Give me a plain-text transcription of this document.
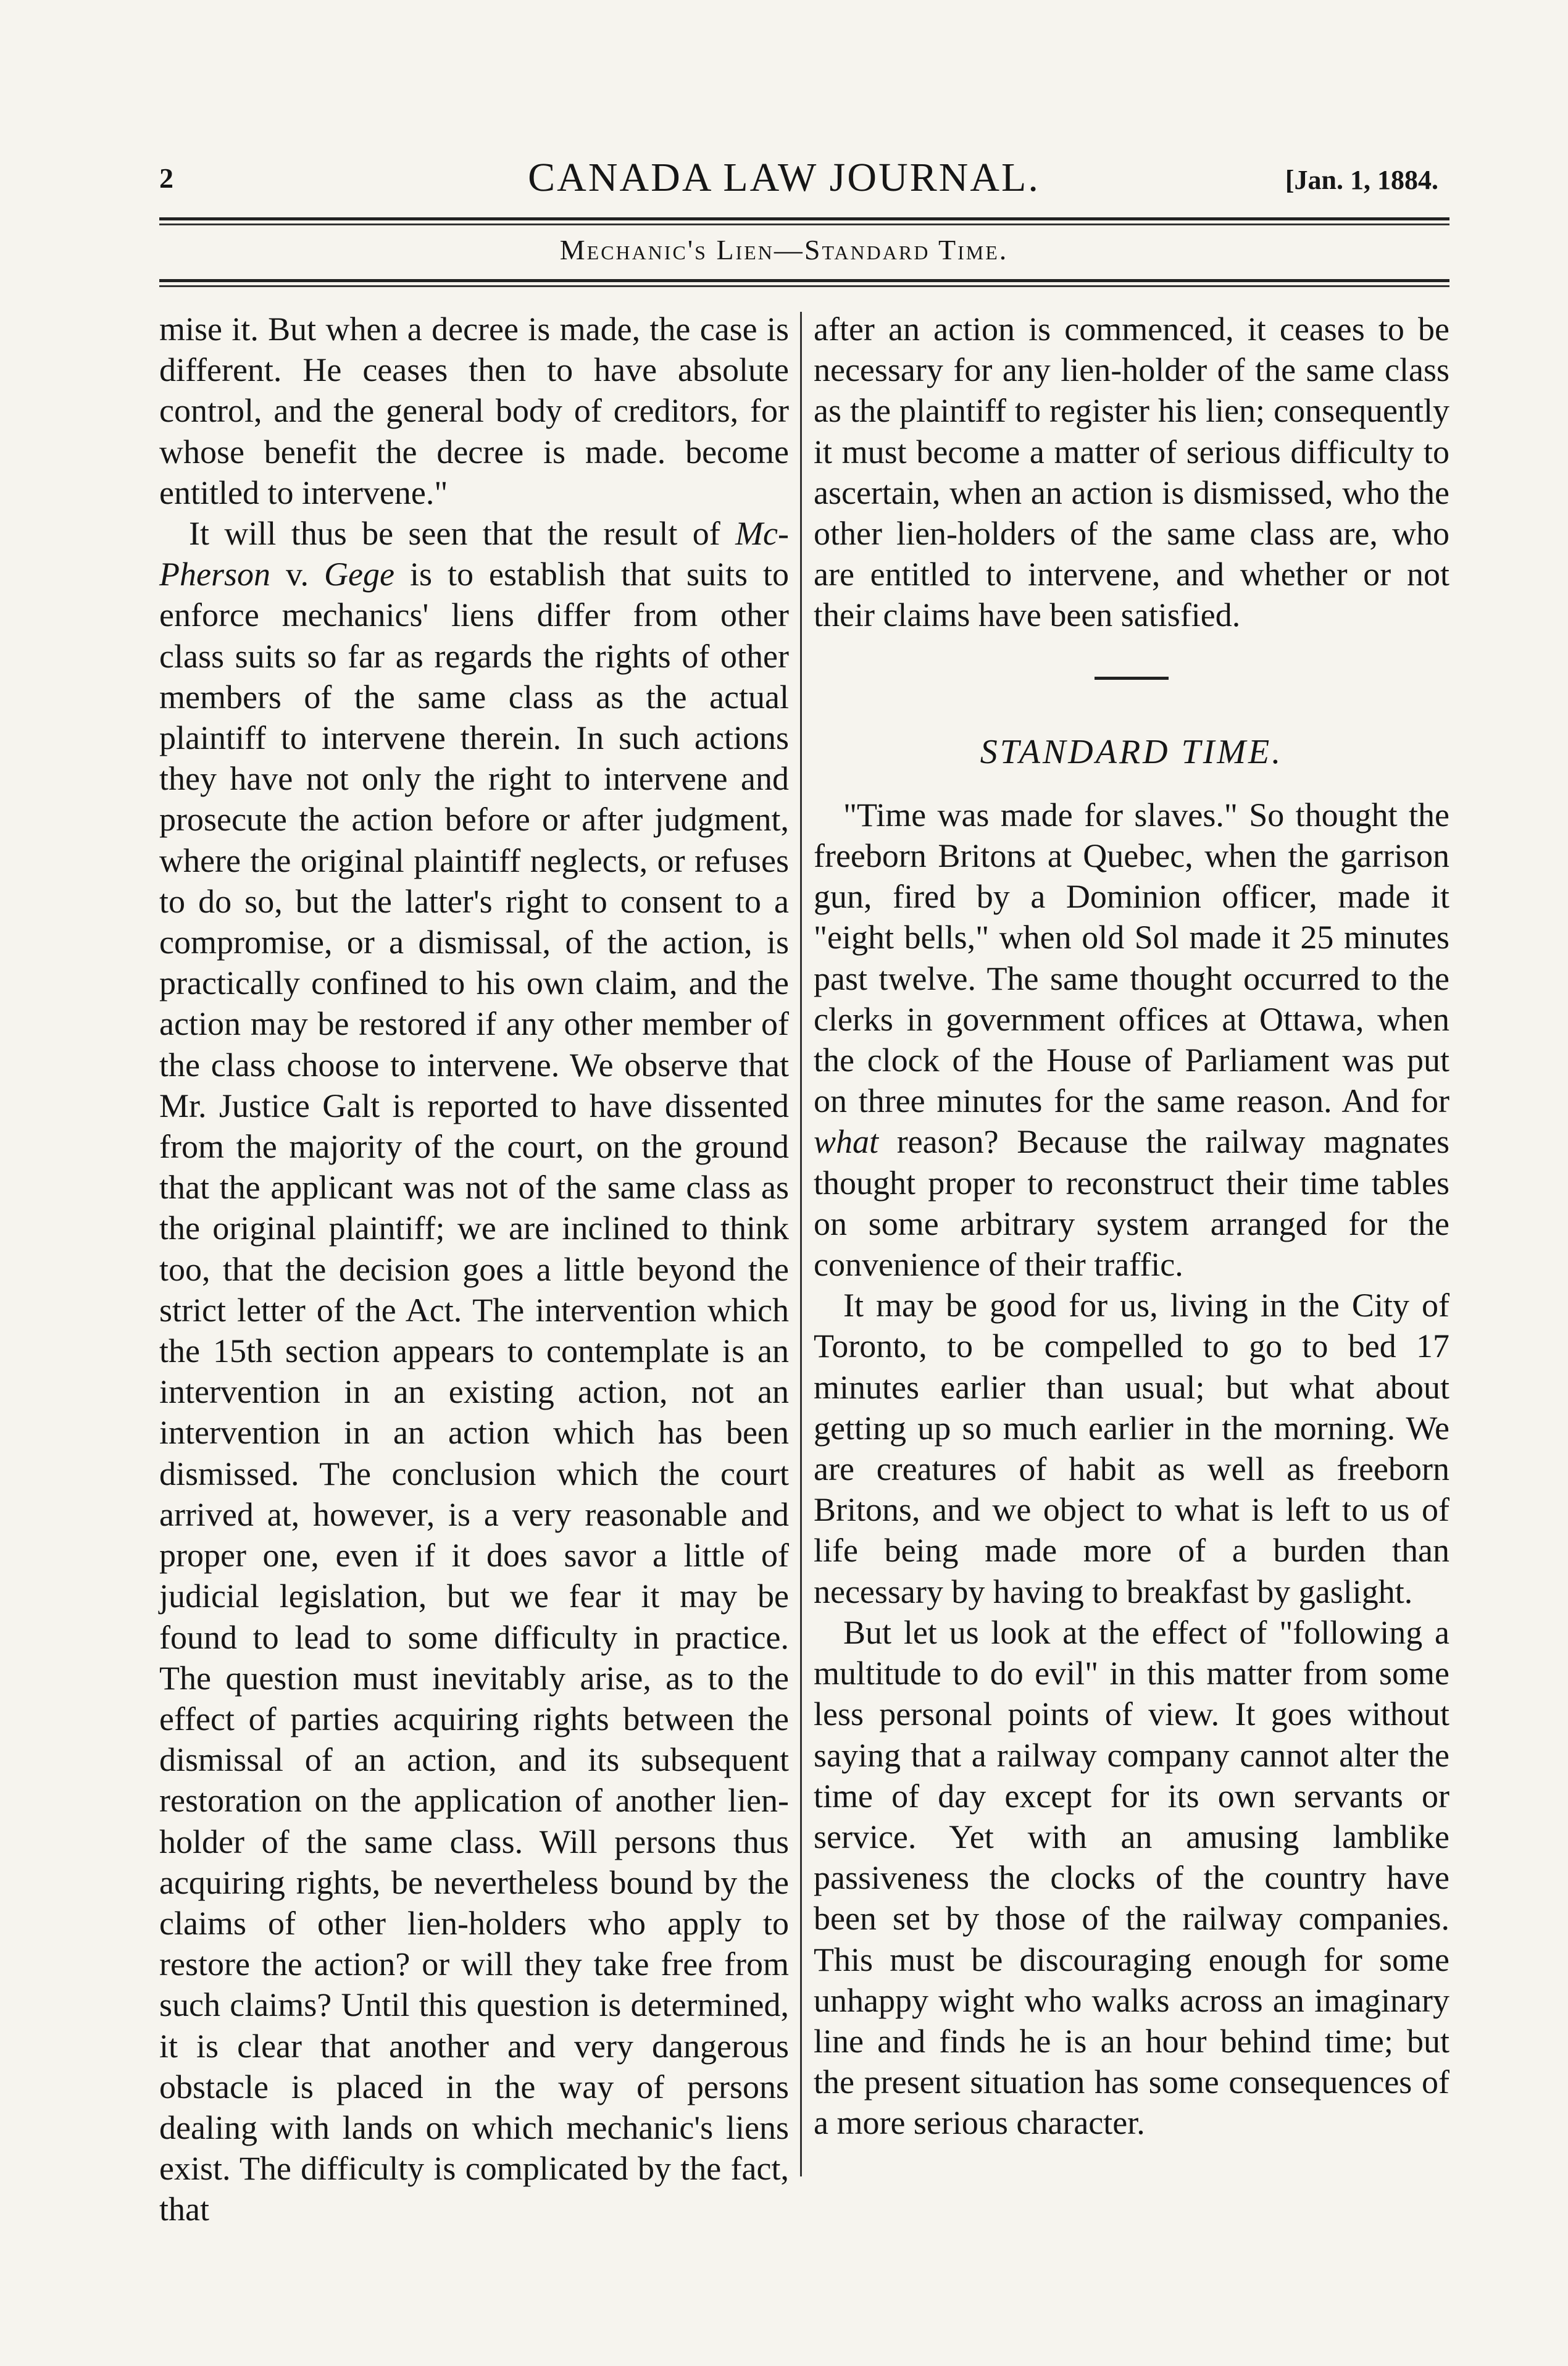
2	CANADA LAW JOURNAL.	[Jan. 1, 1884.
Mechanic's Lien—Standard Time.

mise it. But when a decree is made, the case is different. He ceases then to have absolute control, and the general body of creditors, for whose benefit the decree is made. become entitled to intervene."

It will thus be seen that the result of Mc-Pherson v. Gege is to establish that suits to enforce mechanics' liens differ from other class suits so far as regards the rights of other members of the same class as the actual plaintiff to intervene therein. In such actions they have not only the right to intervene and prosecute the action before or after judgment, where the original plaintiff neglects, or refuses to do so, but the latter's right to consent to a compromise, or a dismissal, of the action, is practically confined to his own claim, and the action may be restored if any other member of the class choose to intervene. We observe that Mr. Justice Galt is reported to have dissented from the majority of the court, on the ground that the applicant was not of the same class as the original plaintiff; we are inclined to think too, that the decision goes a little beyond the strict letter of the Act. The intervention which the 15th section appears to contemplate is an intervention in an existing action, not an intervention in an action which has been dismissed. The conclusion which the court arrived at, however, is a very reasonable and proper one, even if it does savor a little of judicial legislation, but we fear it may be found to lead to some difficulty in practice. The question must inevitably arise, as to the effect of parties acquiring rights between the dismissal of an action, and its subsequent restoration on the application of another lien-holder of the same class. Will persons thus acquiring rights, be nevertheless bound by the claims of other lien-holders who apply to restore the action? or will they take free from such claims? Until this question is determined, it is clear that another and very dangerous obstacle is placed in the way of persons dealing with lands on which mechanic's liens exist. The difficulty is complicated by the fact, that

after an action is commenced, it ceases to be necessary for any lien-holder of the same class as the plaintiff to register his lien; consequently it must become a matter of serious difficulty to ascertain, when an action is dismissed, who the other lien-holders of the same class are, who are entitled to intervene, and whether or not their claims have been satisfied.

STANDARD TIME.

"Time was made for slaves." So thought the freeborn Britons at Quebec, when the garrison gun, fired by a Dominion officer, made it "eight bells," when old Sol made it 25 minutes past twelve. The same thought occurred to the clerks in government offices at Ottawa, when the clock of the House of Parliament was put on three minutes for the same reason. And for what reason? Because the railway magnates thought proper to reconstruct their time tables on some arbitrary system arranged for the convenience of their traffic.

It may be good for us, living in the City of Toronto, to be compelled to go to bed 17 minutes earlier than usual; but what about getting up so much earlier in the morning. We are creatures of habit as well as freeborn Britons, and we object to what is left to us of life being made more of a burden than necessary by having to breakfast by gaslight.

But let us look at the effect of "following a multitude to do evil" in this matter from some less personal points of view. It goes without saying that a railway company cannot alter the time of day except for its own servants or service. Yet with an amusing lamblike passiveness the clocks of the country have been set by those of the railway companies. This must be discouraging enough for some unhappy wight who walks across an imaginary line and finds he is an hour behind time; but the present situation has some consequences of a more serious character.
